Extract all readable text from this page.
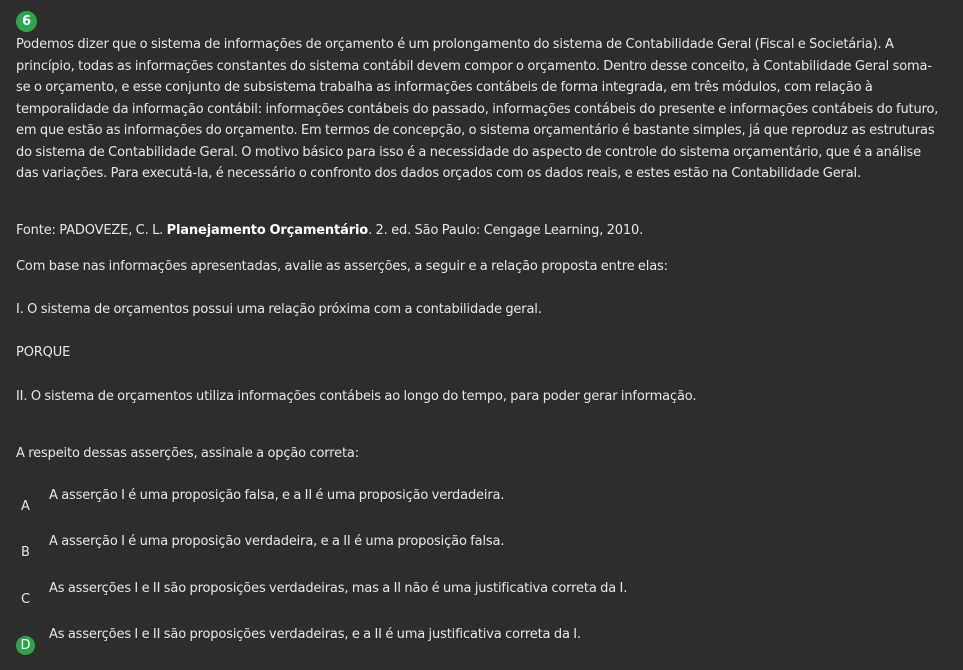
6

Podemos dizer que o sistema de informações de orçamento é um prolongamento do sistema de Contabilidade Geral (Fiscal e Societária). A princípio, todas as informações constantes do sistema contábil devem compor o orçamento. Dentro desse conceito, à Contabilidade Geral soma-se o orçamento, e esse conjunto de subsistema trabalha as informações contábeis de forma integrada, em três módulos, com relação à temporalidade da informação contábil: informações contábeis do passado, informações contábeis do presente e informações contábeis do futuro, em que estão as informações do orçamento. Em termos de concepção, o sistema orçamentário é bastante simples, já que reproduz as estruturas do sistema de Contabilidade Geral. O motivo básico para isso é a necessidade do aspecto de controle do sistema orçamentário, que é a análise das variações. Para executá-la, é necessário o confronto dos dados orçados com os dados reais, e estes estão na Contabilidade Geral.

Fonte: PADOVEZE, C. L. Planejamento Orçamentário. 2. ed. São Paulo: Cengage Learning, 2010.
Com base nas informações apresentadas, avalie as asserções, a seguir e a relação proposta entre elas:
I. O sistema de orçamentos possui uma relação próxima com a contabilidade geral.
PORQUE
II. O sistema de orçamentos utiliza informações contábeis ao longo do tempo, para poder gerar informação.
A respeito dessas asserções, assinale a opção correta:
A
A asserção I é uma proposição falsa, e a II é uma proposição verdadeira.
B
A asserção I é uma proposição verdadeira, e a II é uma proposição falsa.
C
As asserções I e II são proposições verdadeiras, mas a II não é uma justificativa correta da I.
D
As asserções I e II são proposições verdadeiras, e a II é uma justificativa correta da I.
